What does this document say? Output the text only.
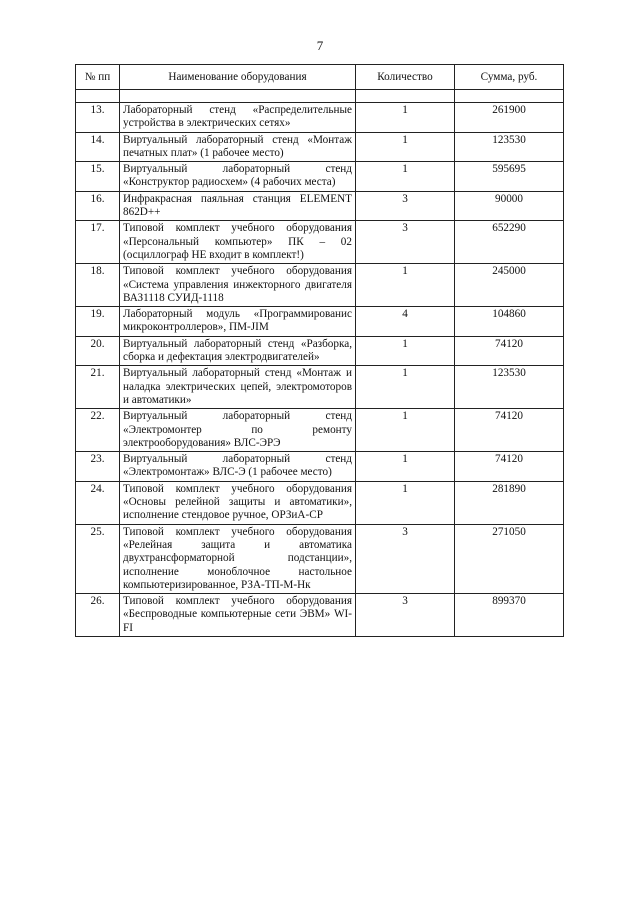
7
№ пп	Наименование оборудования	Количество	Сумма, руб.

13.	Лабораторный стенд «Распределительные устройства в электрических сетях»	1	261900
14.	Виртуальный лабораторный стенд «Монтаж печатных плат» (1 рабочее место)	1	123530
15.	Виртуальный лабораторный стенд «Конструктор радиосхем» (4 рабочих места)	1	595695
16.	Инфракрасная паяльная станция ELEMENT 862D++	3	90000
17.	Типовой комплект учебного оборудования «Персональный компьютер» ПК – 02 (осциллограф НЕ входит в комплект!)	3	652290
18.	Типовой комплект учебного оборудования «Система управления инжекторного двигателя ВАЗ1118 СУИД-1118	1	245000
19.	Лабораторный модуль «Программированис микроконтроллеров», ПМ-JIM	4	104860
20.	Виртуальный лабораторный стенд «Разборка, сборка и дефектация электродвигателей»	1	74120
21.	Виртуальный лабораторный стенд «Монтаж и наладка электрических цепей, электромоторов и автоматики»	1	123530
22.	Виртуальный лабораторный стенд «Электромонтер по ремонту электрооборудования» ВЛС-ЭРЭ	1	74120
23.	Виртуальный лабораторный стенд «Электромонтаж» ВЛС-Э (1 рабочее место)	1	74120
24.	Типовой комплект учебного оборудования «Основы релейной защиты и автоматики», исполнение стендовое ручное, ОРЗиА-СР	1	281890
25.	Типовой комплект учебного оборудования «Релейная защита и автоматика двухтрансформаторной подстанции», исполнение моноблочное настольное компьютеризированное, РЗА-ТП-М-Нк	3	271050
26.	Типовой комплект учебного оборудования «Беспроводные компьютерные сети ЭВМ» WI-FI	3	899370
